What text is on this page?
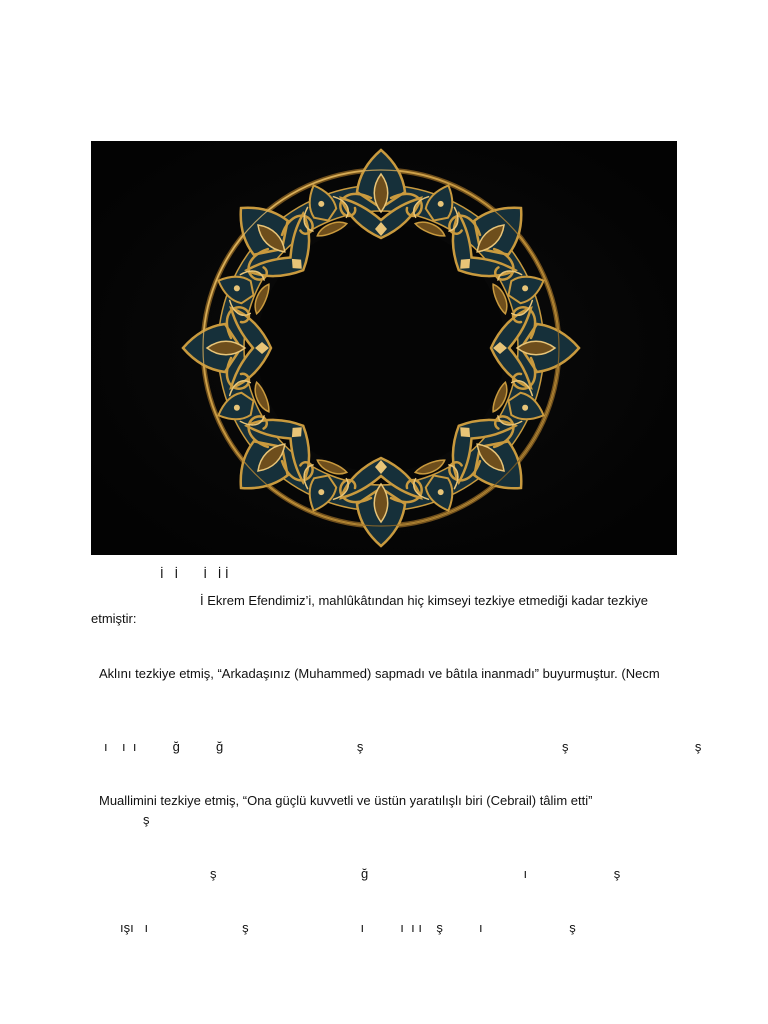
İ   İ       İ   İ İ
İ Ekrem Efendimiz’i, mahlûkâtından hiç kimseyi tezkiye etmediği kadar tezkiye
etmiştir:
Aklını tezkiye etmiş, “Arkadaşınız (Muhammed) sapmadı ve bâtıla inanmadı” buyurmuştur. (Necm
ı    ı  ı          ğ          ğ                                     ş                                                       ş                                   ş
Muallimini tezkiye etmiş, “Ona güçlü kuvvetli ve üstün yaratılışlı biri (Cebrail) tâlim etti”
ş
ş                                        ğ                                           ı                        ş
ışı   ı                          ş                               ı          ı  ı ı    ş          ı                        ş
